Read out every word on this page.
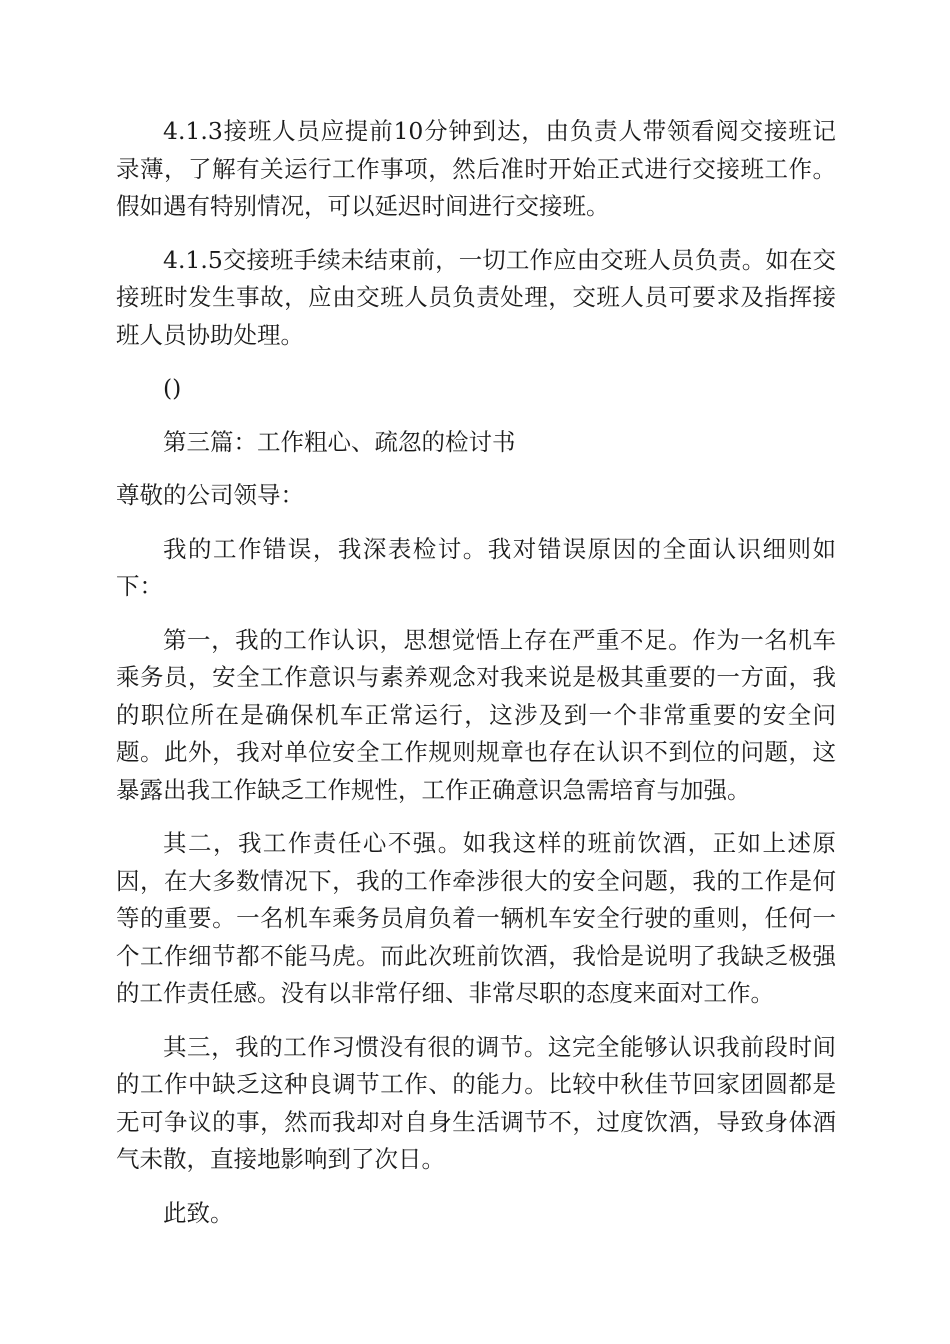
4.1.3接班人员应提前10分钟到达，由负责人带领看阅交接班记录薄，了解有关运行工作事项，然后准时开始正式进行交接班工作。假如遇有特别情况，可以延迟时间进行交接班。

4.1.5交接班手续未结束前，一切工作应由交班人员负责。如在交接班时发生事故，应由交班人员负责处理，交班人员可要求及指挥接班人员协助处理。

()

第三篇：工作粗心、疏忽的检讨书

尊敬的公司领导：

我的工作错误，我深表检讨。我对错误原因的全面认识细则如下：

第一，我的工作认识，思想觉悟上存在严重不足。作为一名机车乘务员，安全工作意识与素养观念对我来说是极其重要的一方面，我的职位所在是确保机车正常运行，这涉及到一个非常重要的安全问题。此外，我对单位安全工作规则规章也存在认识不到位的问题，这暴露出我工作缺乏工作规性，工作正确意识急需培育与加强。

其二，我工作责任心不强。如我这样的班前饮酒，正如上述原因，在大多数情况下，我的工作牵涉很大的安全问题，我的工作是何等的重要。一名机车乘务员肩负着一辆机车安全行驶的重则，任何一个工作细节都不能马虎。而此次班前饮酒，我恰是说明了我缺乏极强的工作责任感。没有以非常仔细、非常尽职的态度来面对工作。

其三，我的工作习惯没有很的调节。这完全能够认识我前段时间的工作中缺乏这种良调节工作、的能力。比较中秋佳节回家团圆都是无可争议的事，然而我却对自身生活调节不，过度饮酒，导致身体酒气未散，直接地影响到了次日。

此致。
